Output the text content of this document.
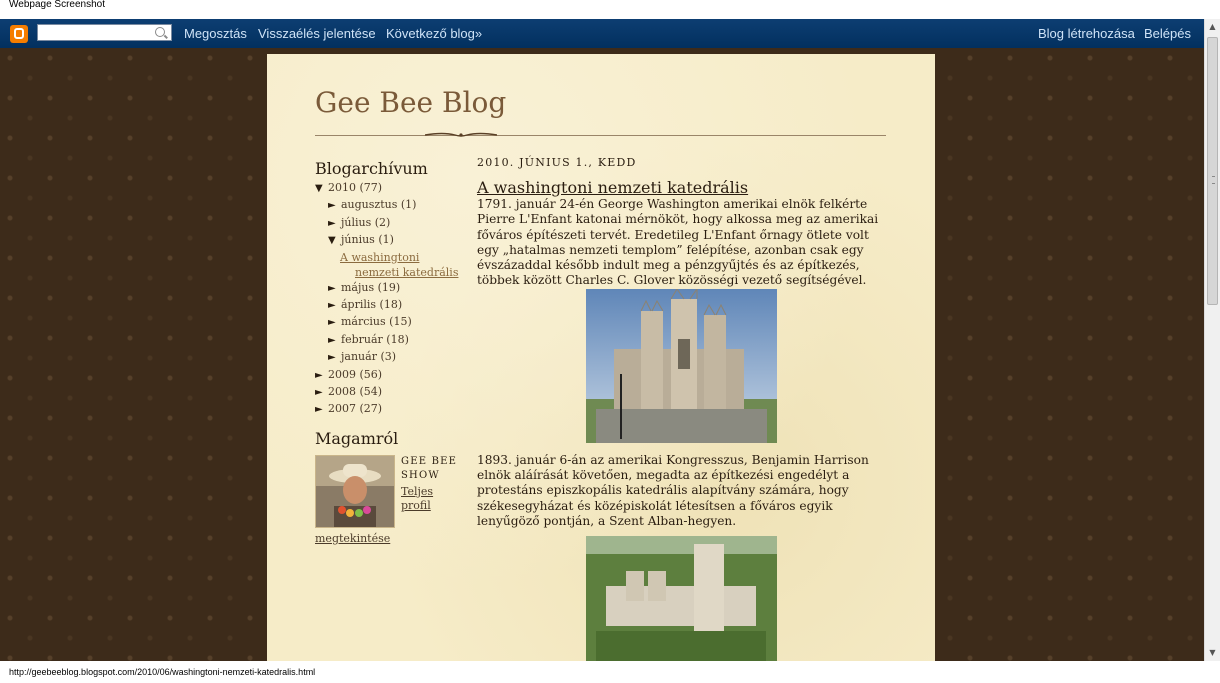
Webpage Screenshot
Megosztás Visszaélés jelentése Következő blog»	Blog létrehozása Belépés
Gee Bee Blog
Blogarchívum
▼ 2010 (77)
► augusztus (1)
► július (2)
▼ június (1)
A washingtoni
nemzeti katedrális
► május (19)
► április (18)
► március (15)
► február (18)
► január (3)
► 2009 (56)
► 2008 (54)
► 2007 (27)
Magamról
GEE BEE
SHOW
Teljes
profil
megtekintése

2010. JÚNIUS 1., KEDD

A washingtoni nemzeti katedrális
1791. január 24-én George Washington amerikai elnök felkérte Pierre L'Enfant katonai mérnököt, hogy alkossa meg az amerikai főváros építészeti tervét. Eredetileg L'Enfant őrnagy ötlete volt egy „hatalmas nemzeti templom” felépítése, azonban csak egy évszázaddal később indult meg a pénzgyűjtés és az építkezés, többek között Charles C. Glover közösségi vezető segítségével.
1893. január 6-án az amerikai Kongresszus, Benjamin Harrison elnök aláírását követően, megadta az építkezési engedélyt a protestáns episzkopális katedrális alapítvány számára, hogy székesegyházat és középiskolát létesítsen a főváros egyik lenyűgöző pontján, a Szent Alban-hegyen.
▲
▼
http://geebeeblog.blogspot.com/2010/06/washingtoni-nemzeti-katedralis.html
